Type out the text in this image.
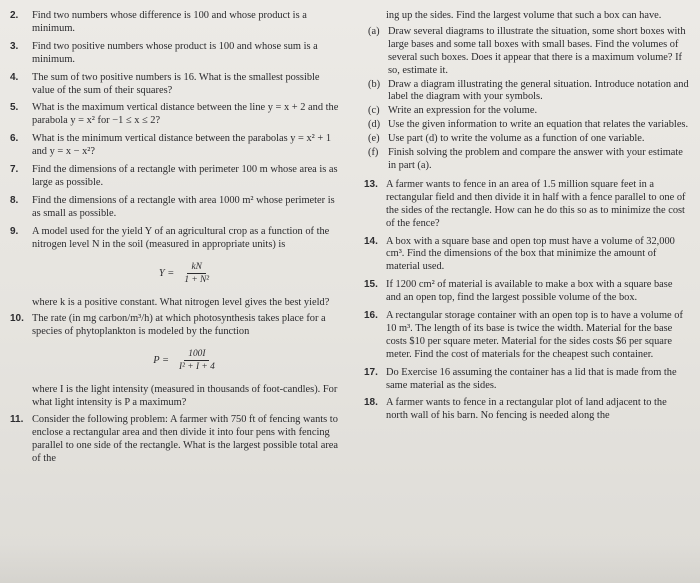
2. Find two numbers whose difference is 100 and whose product is a minimum.
3. Find two positive numbers whose product is 100 and whose sum is a minimum.
4. The sum of two positive numbers is 16. What is the smallest possible value of the sum of their squares?
5. What is the maximum vertical distance between the line y = x + 2 and the parabola y = x² for −1 ≤ x ≤ 2?
6. What is the minimum vertical distance between the parabolas y = x² + 1 and y = x − x²?
7. Find the dimensions of a rectangle with perimeter 100 m whose area is as large as possible.
8. Find the dimensions of a rectangle with area 1000 m² whose perimeter is as small as possible.
9. A model used for the yield Y of an agricultural crop as a function of the nitrogen level N in the soil (measured in appropriate units) is
$Y = \frac{kN}{\text{1 + N²}}$
where k is a positive constant. What nitrogen level gives the best yield?
10. The rate (in mg carbon/m³/h) at which photosynthesis takes place for a species of phytoplankton is modeled by the function
$P = \frac{100I}{\text{I² + I + 4}}$
where I is the light intensity (measured in thousands of foot-candles). For what light intensity is P a maximum?
11. Consider the following problem: A farmer with 750 ft of fencing wants to enclose a rectangular area and then divide it into four pens with fencing parallel to one side of the rectangle. What is the largest possible total area of the
ing up the sides. Find the largest volume that such a box can have.
(a) Draw several diagrams to illustrate the situation, some short boxes with large bases and some tall boxes with small bases. Find the volumes of several such boxes. Does it appear that there is a maximum volume? If so, estimate it.
(b) Draw a diagram illustrating the general situation. Introduce notation and label the diagram with your symbols.
(c) Write an expression for the volume.
(d) Use the given information to write an equation that relates the variables.
(e) Use part (d) to write the volume as a function of one variable.
(f) Finish solving the problem and compare the answer with your estimate in part (a).
13. A farmer wants to fence in an area of 1.5 million square feet in a rectangular field and then divide it in half with a fence parallel to one of the sides of the rectangle. How can he do this so as to minimize the cost of the fence?
14. A box with a square base and open top must have a volume of 32,000 cm³. Find the dimensions of the box that minimize the amount of material used.
15. If 1200 cm² of material is available to make a box with a square base and an open top, find the largest possible volume of the box.
16. A rectangular storage container with an open top is to have a volume of 10 m³. The length of its base is twice the width. Material for the base costs $10 per square meter. Material for the sides costs $6 per square meter. Find the cost of materials for the cheapest such container.
17. Do Exercise 16 assuming the container has a lid that is made from the same material as the sides.
18. A farmer wants to fence in a rectangular plot of land adjacent to the north wall of his barn. No fencing is needed along the
